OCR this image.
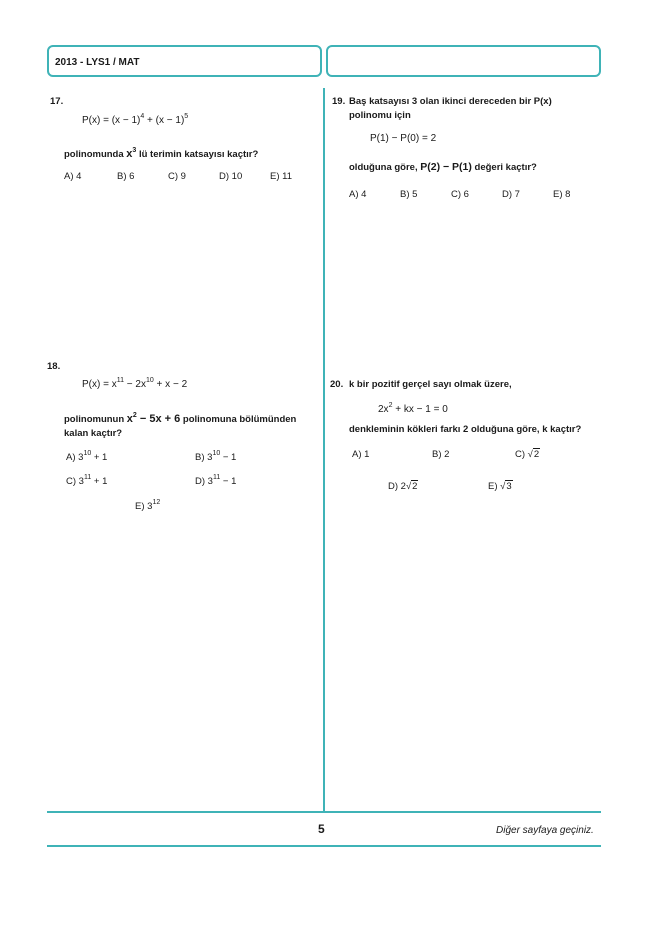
2013 - LYS1 / MAT
17.
$P(x) = (x - 1)^4 + (x - 1)^5$
polinomunda $x^3$ lü terimin katsayısı kaçtır?
A) 4	B) 6	C) 9	D) 10	E) 11
18.
$P(x) = x^{11} - 2x^{10} + x - 2$
polinomunun $x^2 - 5x + 6$ polinomuna bölümünden
kalan kaçtır?
A) $3^{10} + 1$	B) $3^{10} - 1$
C) $3^{11} + 1$	D) $3^{11} - 1$
E) $3^{12}$
19. Baş katsayısı 3 olan ikinci dereceden bir P(x)
polinomu için
P(1) − P(0) = 2
olduğuna göre, P(2) − P(1) değeri kaçtır?
A) 4	B) 5	C) 6	D) 7	E) 8
20. k bir pozitif gerçel sayı olmak üzere,
$2x^2$ + kx − 1 = 0
denkleminin kökleri farkı 2 olduğuna göre, k kaçtır?
A) 1	B) 2	C) √2
D) 2√2	E) √3
5	Diğer sayfaya geçiniz.
